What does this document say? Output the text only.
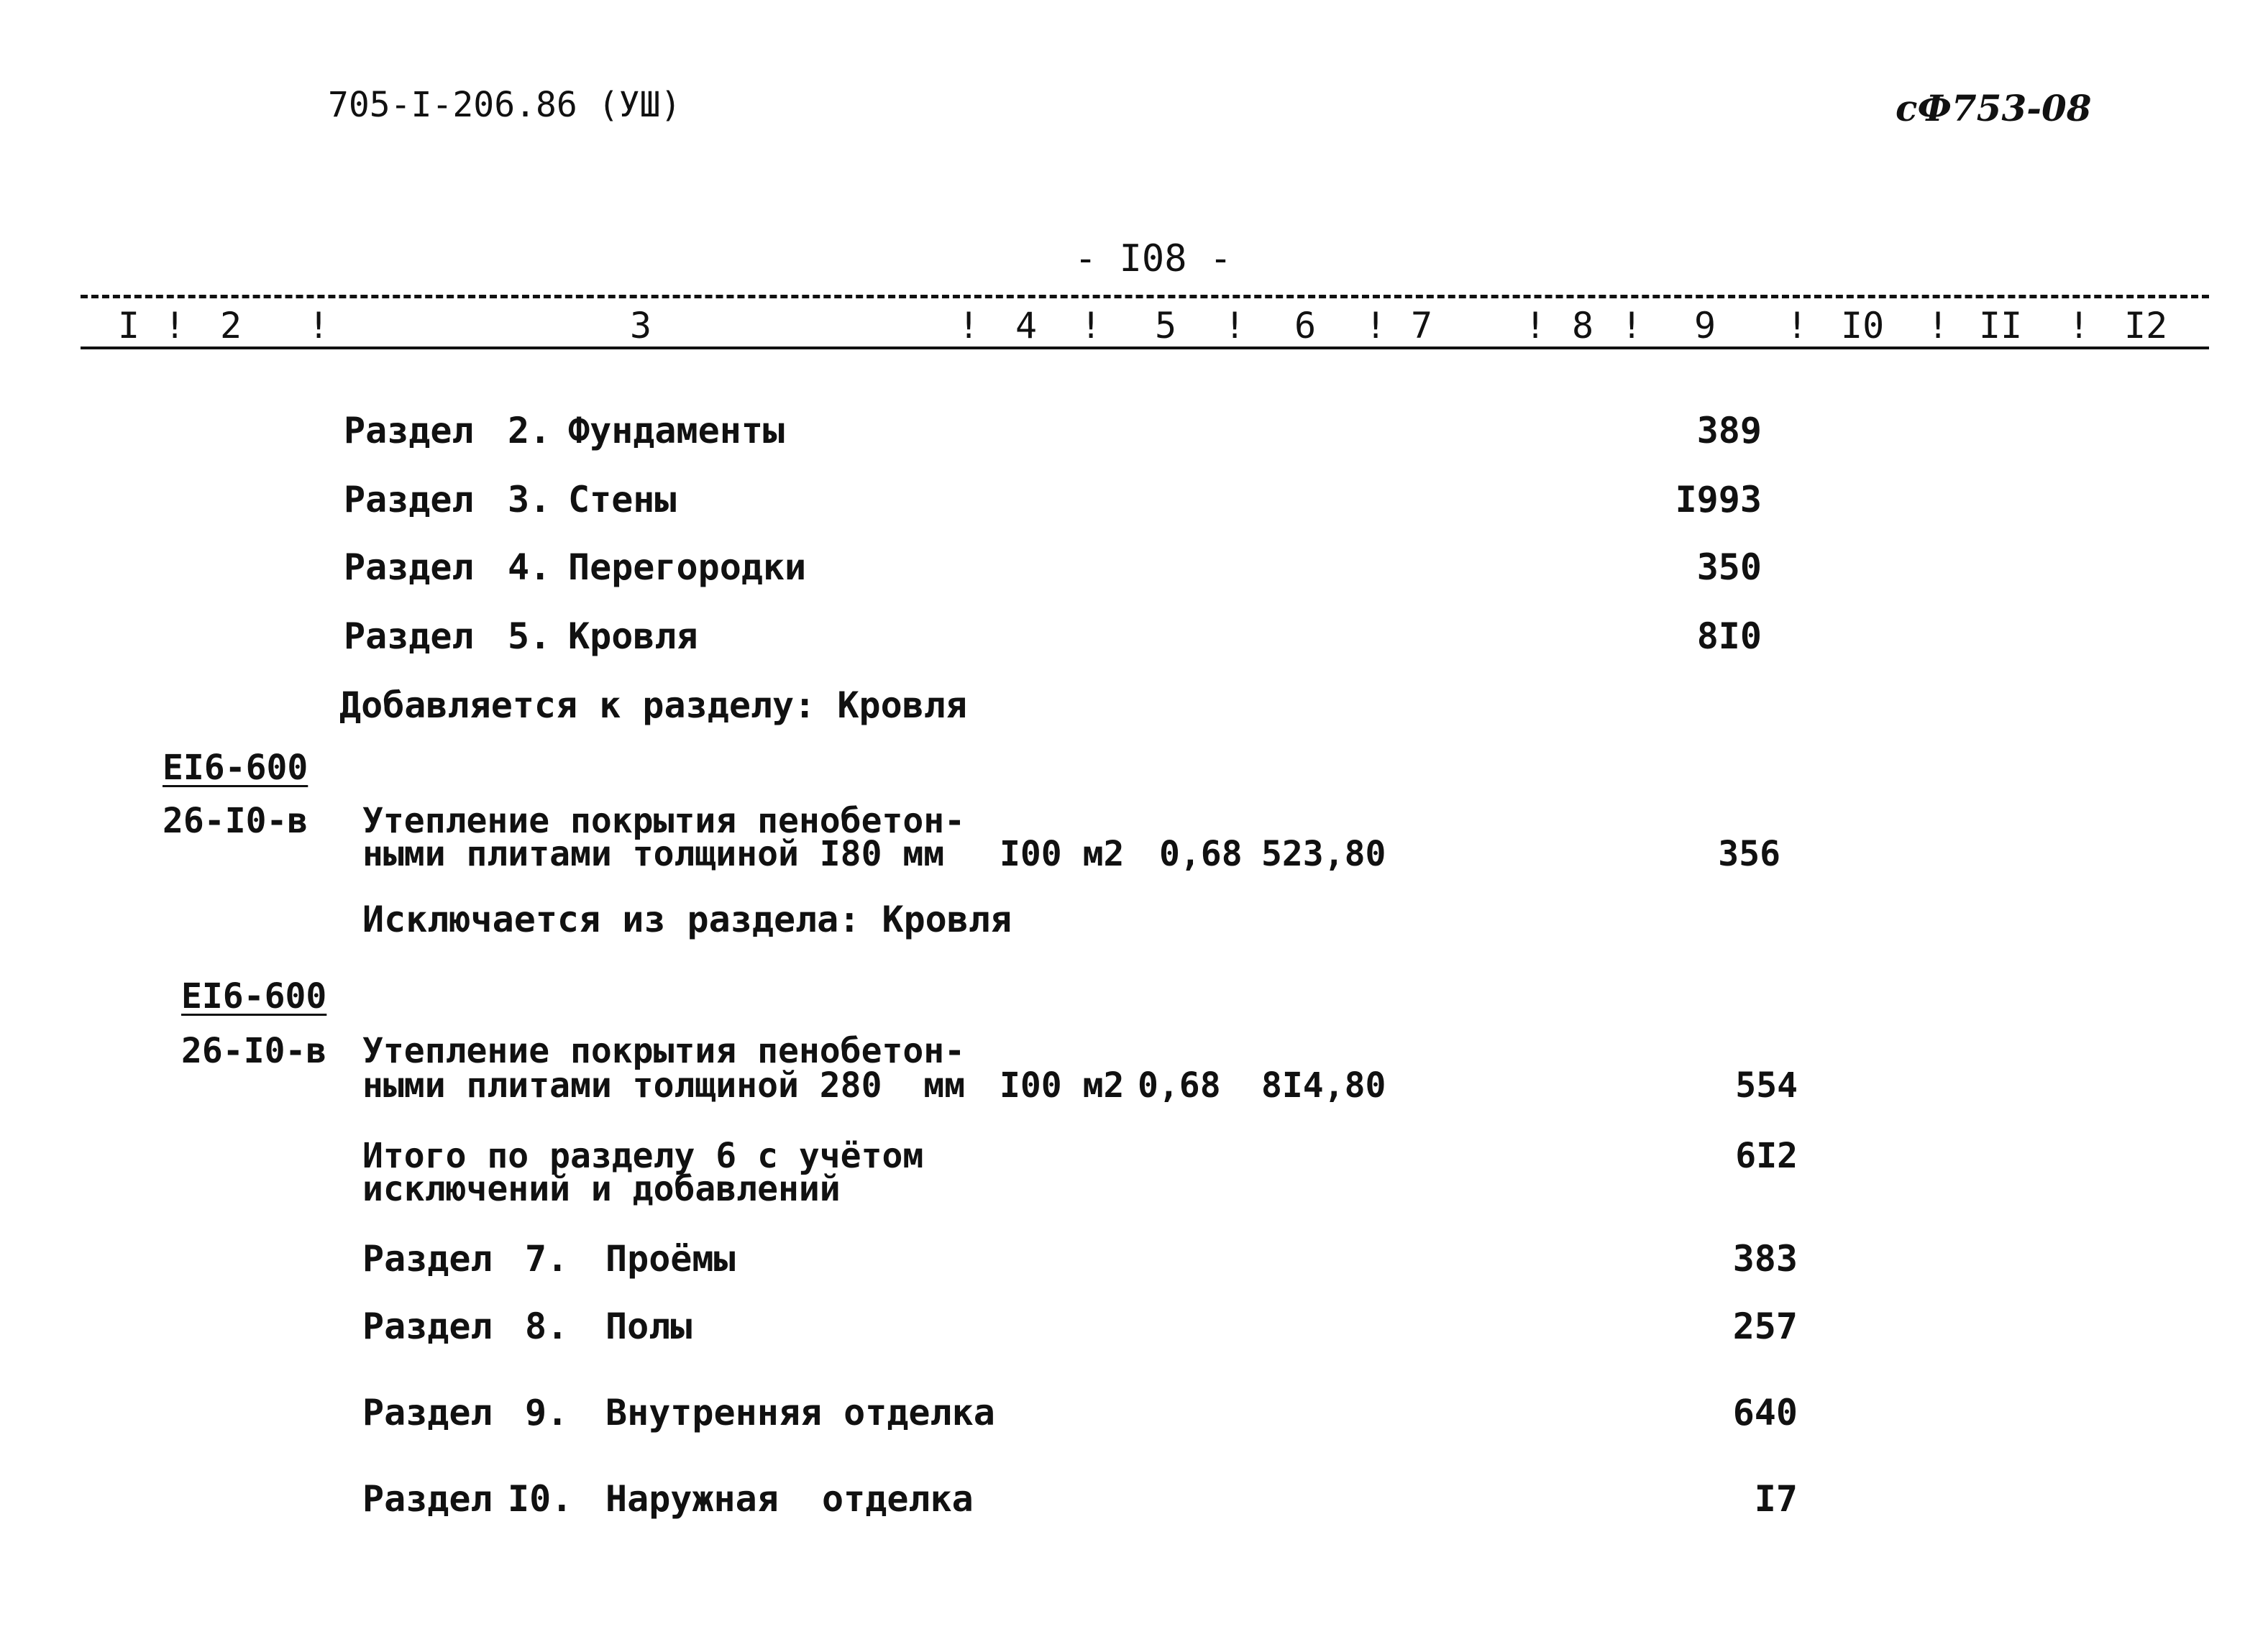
705-I-206.86 (УШ)	сФ753-08
- I08 -
I ! 2 !	3	! 4 ! 5 ! 6 ! 7	! 8 ! 9 ! I0 ! II ! I2
Раздел 2. Фундаменты	389
Раздел 3. Стены	I993
Раздел 4. Перегородки	350
Раздел 5. Кровля	8I0
Добавляется к разделу: Кровля
EI6-600
26-I0-в Утепление покрытия пенобетон-
ными плитами толщиной I80 мм I00 м2 0,68 523,80	356
Исключается из раздела: Кровля
EI6-600
26-I0-в Утепление покрытия пенобетон-
ными плитами толщиной 280  мм I00 м2 0,68 8I4,80	554
Итого по разделу 6 с учётом
исключений и добавлений
6I2
Раздел 7. Проёмы	383
Раздел 8. Полы	257
Раздел 9. Внутренняя отделка	640
Раздел I0. Наружная  отделка	I7
